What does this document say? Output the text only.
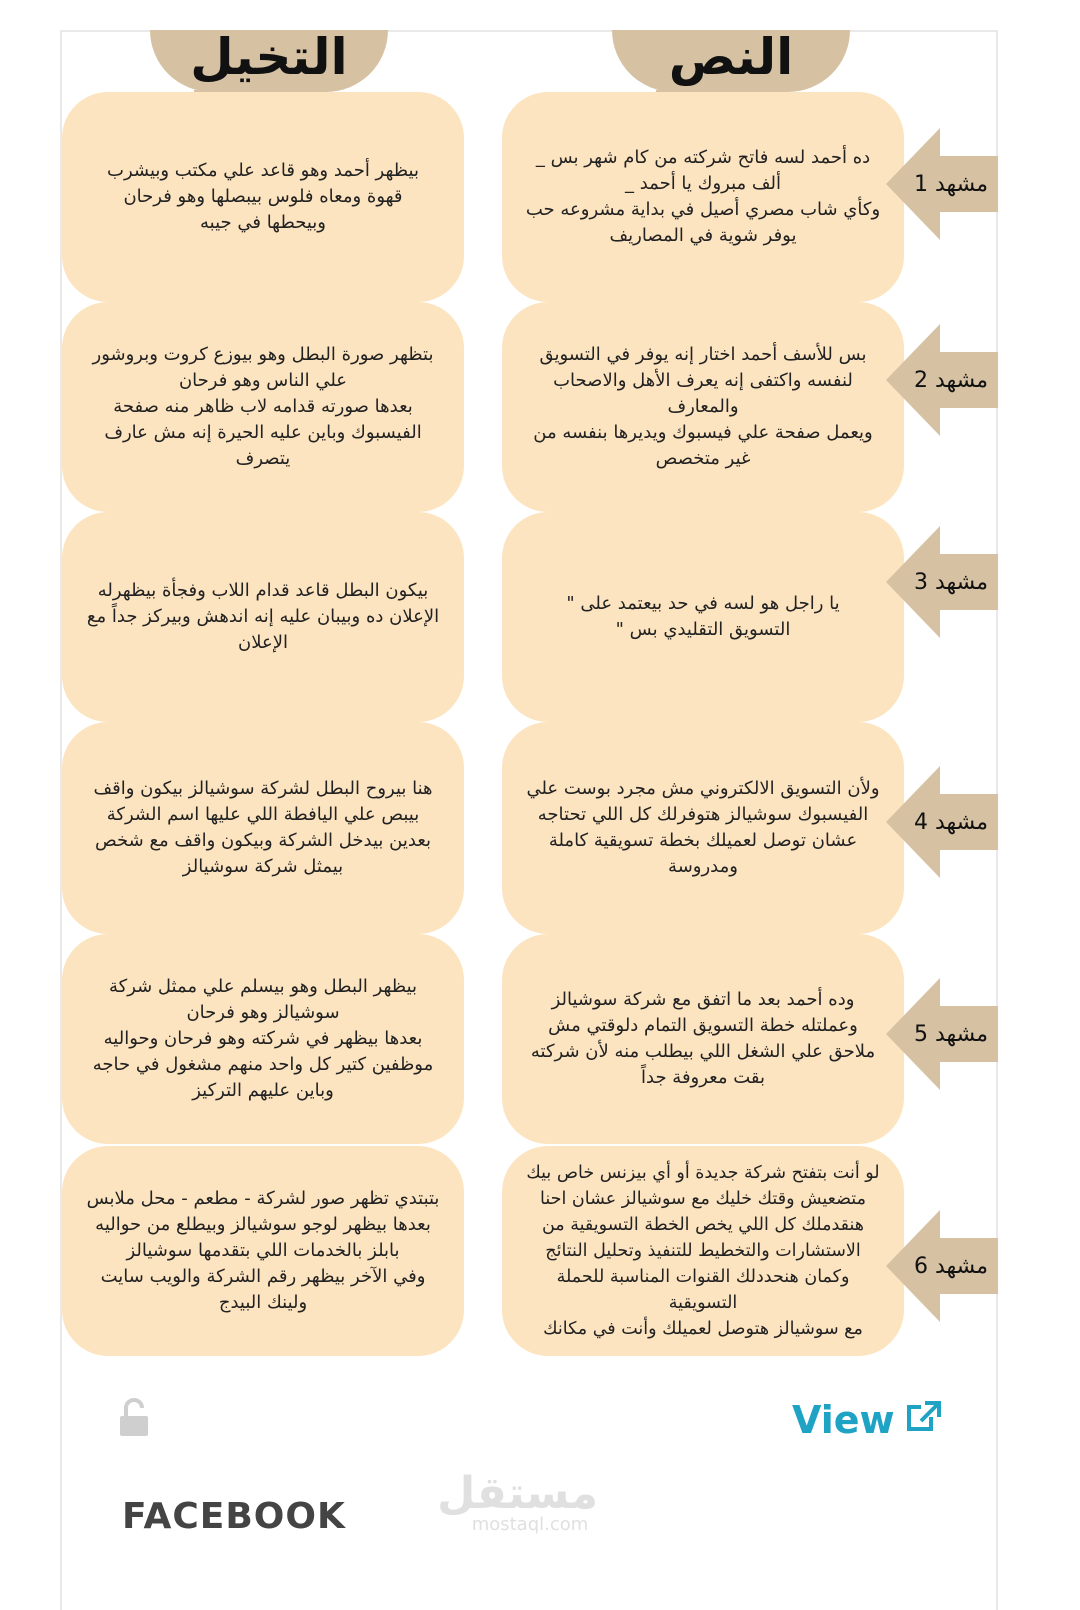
التخيل	النص
بيظهر أحمد وهو قاعد علي مكتب وبيشرب
قهوة ومعاه فلوس بيبصلها وهو فرحان
وبيحطها في جيبه
ده أحمد لسه فاتح شركته من كام شهر بس _
ألف مبروك يا أحمد _
وكأي شاب مصري أصيل في بداية مشروعه حب
يوفر شوية في المصاريف
مشهد 1
بتظهر صورة البطل وهو بيوزع كروت وبروشور
علي الناس وهو فرحان
بعدها صورته قدامه لاب ظاهر منه صفحة
الفيسبوك وباين عليه الحيرة إنه مش عارف
يتصرف
بس للأسف أحمد اختار إنه يوفر في التسويق
لنفسه واكتفى إنه يعرف الأهل والاصحاب
والمعارف
ويعمل صفحة علي فيسبوك ويديرها بنفسه من
غير متخصص
مشهد 2
بيكون البطل قاعد قدام اللاب وفجأة بيظهرله
الإعلان ده وبيبان عليه إنه اندهش وبيركز جداً مع
الإعلان
يا راجل هو لسه في حد بيعتمد على "
التسويق التقليدي بس "
مشهد 3
هنا بيروح البطل لشركة سوشيالز بيكون واقف
بيبص علي اليافطة اللي عليها اسم الشركة
بعدين بيدخل الشركة وبيكون واقف مع شخص
بيمثل شركة سوشيالز
ولأن التسويق الالكتروني مش مجرد بوست علي
الفيسبوك سوشيالز هتوفرلك كل اللي تحتاجه
عشان توصل لعميلك بخطة تسويقية كاملة
ومدروسة
مشهد 4
بيظهر البطل وهو بيسلم علي ممثل شركة
سوشيالز وهو فرحان
بعدها بيظهر في شركته وهو فرحان وحواليه
موظفين كتير كل واحد منهم مشغول في حاجه
وباين عليهم التركيز
وده أحمد بعد ما اتفق مع شركة سوشيالز
وعملتله خطة التسويق التمام دلوقتي مش
ملاحق علي الشغل اللي بيطلب منه لأن شركته
بقت معروفة جداً
مشهد 5
بتبتدي تظهر صور لشركة - مطعم - محل ملابس
بعدها بيظهر لوجو سوشيالز وبيطلع من حواليه
بابلز بالخدمات اللي بتقدمها سوشيالز
وفي الآخر بيظهر رقم الشركة والويب سايت
ولينك البيدج
لو أنت بتفتح شركة جديدة أو أي بيزنس خاص بيك
متضعيش وقتك خليك مع سوشيالز عشان احنا
هنقدملك كل اللي يخص الخطة التسويقية من
الاستشارات والتخطيط للتنفيذ وتحليل النتائج
وكمان هنحددلك القنوات المناسبة للحملة
التسويقية
مع سوشيالز هتوصل لعميلك وأنت في مكانك
مشهد 6
View
مستقل
mostaql.com
FACEBOOK
